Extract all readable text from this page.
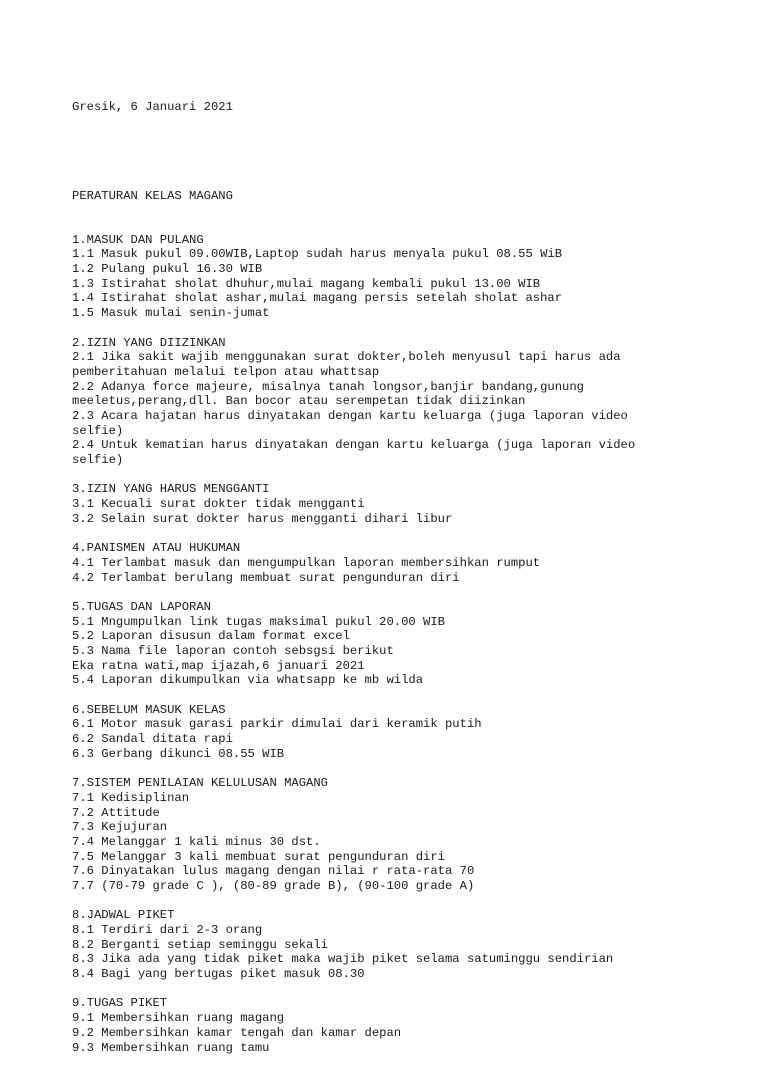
Gresik, 6 Januari 2021

PERATURAN KELAS MAGANG

1.MASUK DAN PULANG
1.1 Masuk pukul 09.00WIB,Laptop sudah harus menyala pukul 08.55 WiB
1.2 Pulang pukul 16.30 WIB
1.3 Istirahat sholat dhuhur,mulai magang kembali pukul 13.00 WIB
1.4 Istirahat sholat ashar,mulai magang persis setelah sholat ashar
1.5 Masuk mulai senin-jumat
2.IZIN YANG DIIZINKAN
2.1 Jika sakit wajib menggunakan surat dokter,boleh menyusul tapi harus ada
pemberitahuan melalui telpon atau whattsap
2.2 Adanya force majeure, misalnya tanah longsor,banjir bandang,gunung
meeletus,perang,dll. Ban bocor atau serempetan tidak diizinkan
2.3 Acara hajatan harus dinyatakan dengan kartu keluarga (juga laporan video
selfie)
2.4 Untuk kematian harus dinyatakan dengan kartu keluarga (juga laporan video
selfie)
3.IZIN YANG HARUS MENGGANTI
3.1 Kecuali surat dokter tidak mengganti
3.2 Selain surat dokter harus mengganti dihari libur
4.PANISMEN ATAU HUKUMAN
4.1 Terlambat masuk dan mengumpulkan laporan membersihkan rumput
4.2 Terlambat berulang membuat surat pengunduran diri
5.TUGAS DAN LAPORAN
5.1 Mngumpulkan link tugas maksimal pukul 20.00 WIB
5.2 Laporan disusun dalam format excel
5.3 Nama file laporan contoh sebsgsi berikut
Eka ratna wati,map ijazah,6 januari 2021
5.4 Laporan dikumpulkan via whatsapp ke mb wilda
6.SEBELUM MASUK KELAS
6.1 Motor masuk garasi parkir dimulai dari keramik putih
6.2 Sandal ditata rapi
6.3 Gerbang dikunci 08.55 WIB
7.SISTEM PENILAIAN KELULUSAN MAGANG
7.1 Kedisiplinan
7.2 Attitude
7.3 Kejujuran
7.4 Melanggar 1 kali minus 30 dst.
7.5 Melanggar 3 kali membuat surat pengunduran diri
7.6 Dinyatakan lulus magang dengan nilai r rata-rata 70
7.7 (70-79 grade C ), (80-89 grade B), (90-100 grade A)
8.JADWAL PIKET
8.1 Terdiri dari 2-3 orang
8.2 Berganti setiap seminggu sekali
8.3 Jika ada yang tidak piket maka wajib piket selama satuminggu sendirian
8.4 Bagi yang bertugas piket masuk 08.30
9.TUGAS PIKET
9.1 Membersihkan ruang magang
9.2 Membersihkan kamar tengah dan kamar depan
9.3 Membersihkan ruang tamu
